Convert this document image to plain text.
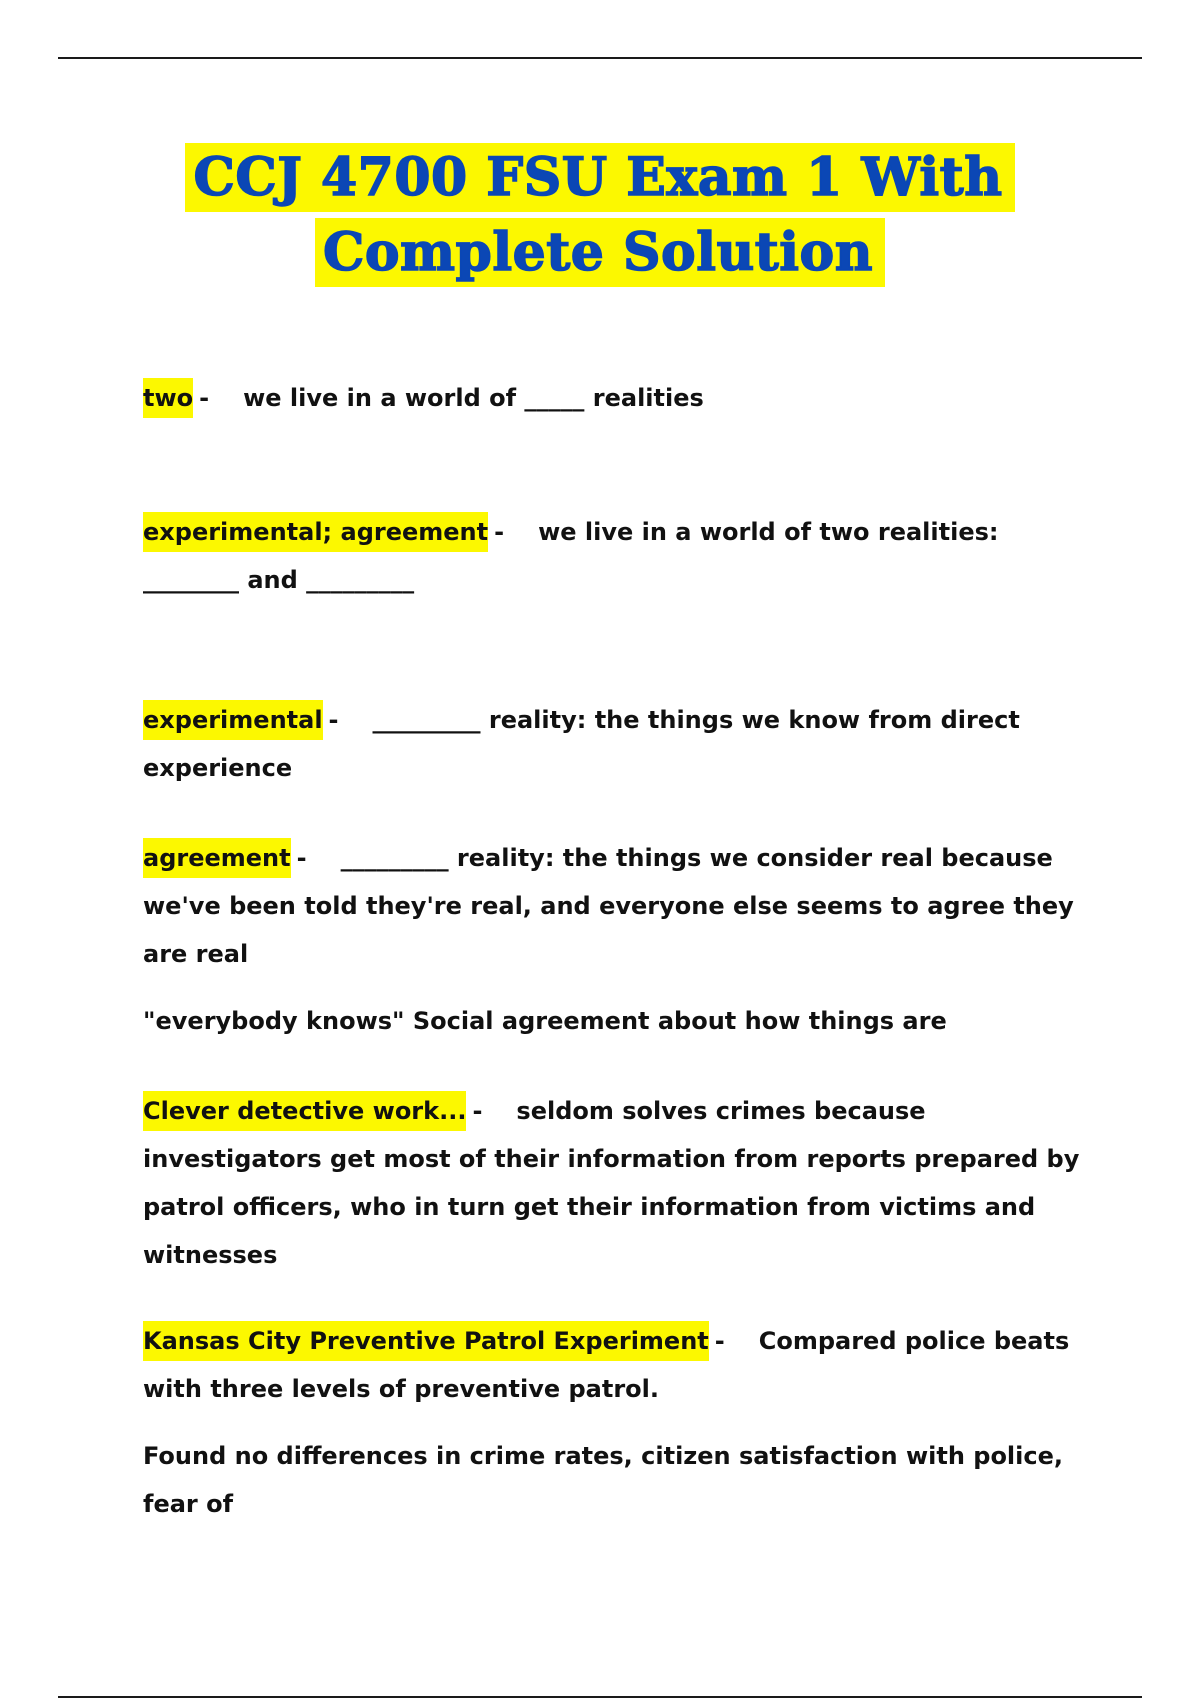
CCJ 4700 FSU Exam 1 With
Complete Solution
two - we live in a world of _____ realities
experimental; agreement - we live in a world of two realities: ________ and _________
experimental - _________ reality: the things we know from direct experience
agreement - _________ reality: the things we consider real because we've been told they're real, and everyone else seems to agree they are real
"everybody knows" Social agreement about how things are
Clever detective work... - seldom solves crimes because investigators get most of their information from reports prepared by patrol officers, who in turn get their information from victims and witnesses
Kansas City Preventive Patrol Experiment - Compared police beats with three levels of preventive patrol.
Found no differences in crime rates, citizen satisfaction with police, fear of
